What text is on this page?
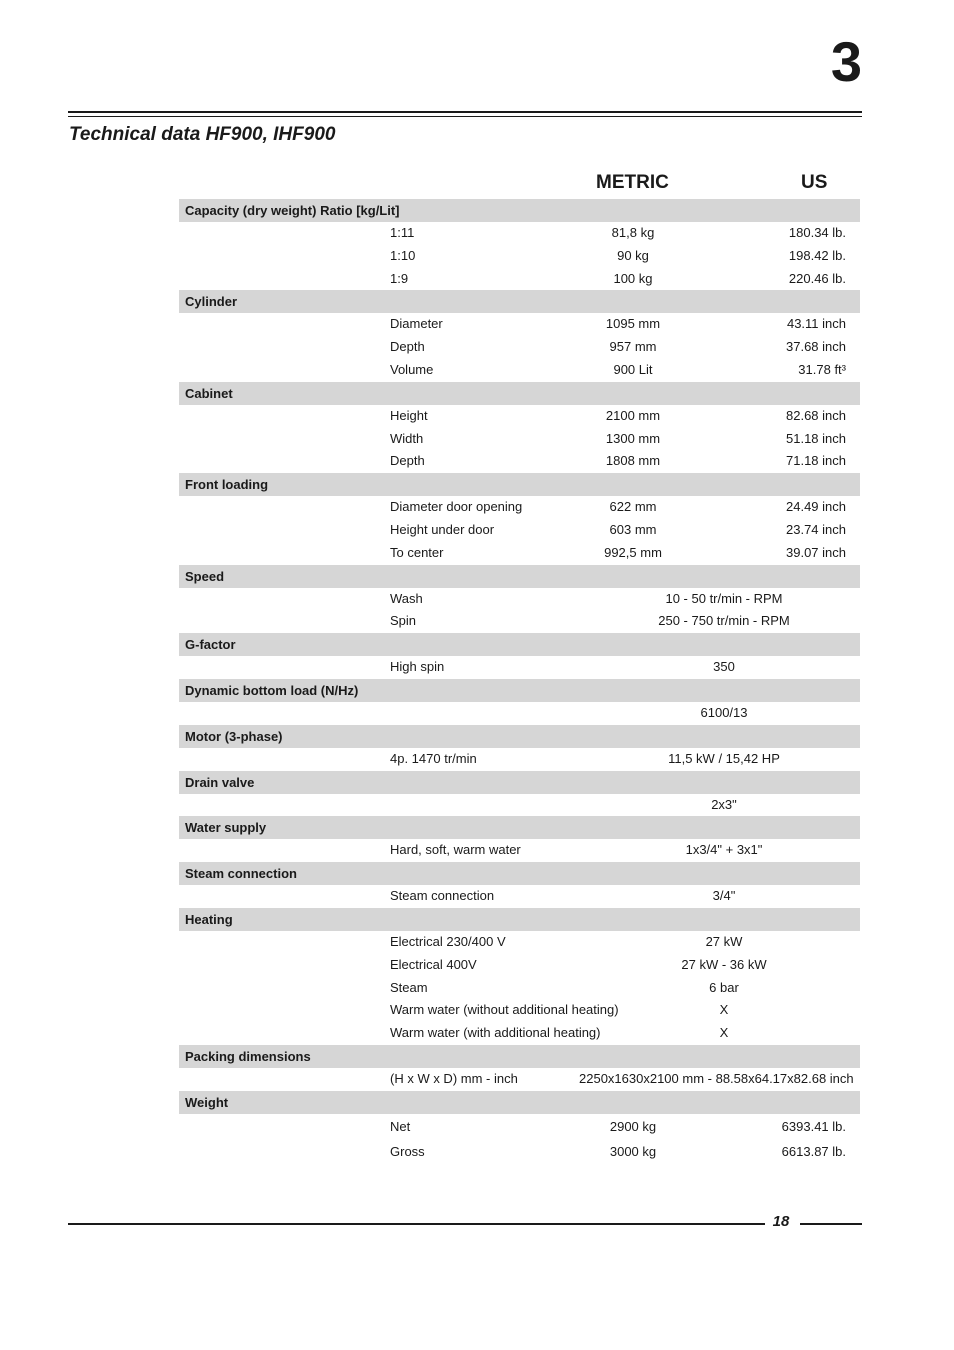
3
Technical data HF900, IHF900
METRIC	US
Capacity (dry weight) Ratio [kg/Lit]
1:11	81,8 kg	180.34 lb.
1:10	90 kg	198.42 lb.
1:9	100 kg	220.46 lb.
Cylinder
Diameter	1095 mm	43.11 inch
Depth	957 mm	37.68 inch
Volume	900 Lit	31.78 ft³
Cabinet
Height	2100 mm	82.68 inch
Width	1300 mm	51.18 inch
Depth	1808 mm	71.18 inch
Front loading
Diameter door opening	622 mm	24.49 inch
Height under door	603 mm	23.74 inch
To center	992,5 mm	39.07 inch
Speed
Wash	10 - 50 tr/min - RPM
Spin	250 - 750 tr/min - RPM
G-factor
High spin	350
Dynamic bottom load (N/Hz)
6100/13
Motor (3-phase)
4p. 1470 tr/min	11,5 kW / 15,42 HP
Drain valve
2x3"
Water supply
Hard, soft, warm water	1x3/4" + 3x1"
Steam connection
Steam connection	3/4"
Heating
Electrical 230/400 V	27 kW
Electrical 400V	27 kW - 36 kW
Steam	6 bar
Warm water (without additional heating)	X
Warm water (with additional heating)	X
Packing dimensions
(H x W x D) mm - inch	2250x1630x2100 mm - 88.58x64.17x82.68 inch
Weight
Net	2900 kg	6393.41 lb.
Gross	3000 kg	6613.87 lb.
18
